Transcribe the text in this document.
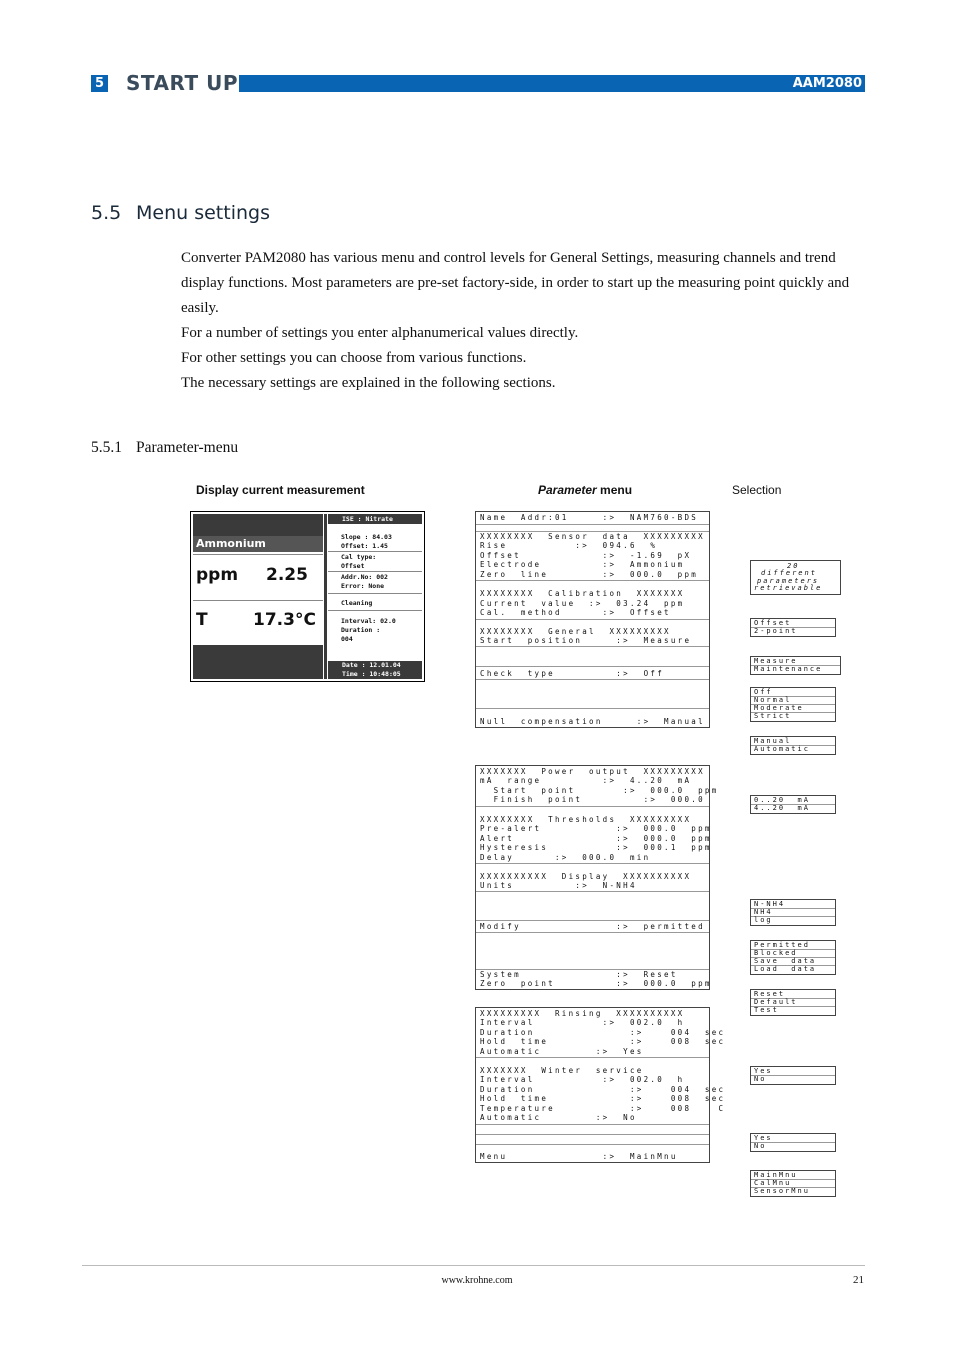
5 START UP	AAM2080
5.5 Menu settings
Converter PAM2080 has various menu and control levels for General Settings, measuring channels and trend display functions. Most parameters are pre-set factory-side, in order to start up the measuring point quickly and easily.
For a number of settings you enter alphanumerical values directly.
For other settings you can choose from various functions.
The necessary settings are explained in the following sections.
5.5.1 Parameter-menu
Display current measurement	Parameter menu	Selection
Ammonium
ppm 2.25
T	17.3°C
ISE : Nitrate
Slope : 84.03
Offset: 1.45
Cal type:
Offset
Addr.No: 002
Error: None
Cleaning
Interval: 02.0
Duration :
004
Date : 12.01.04
Time : 10:48:05
Name  Addr:01     :>  NAM760-BDS
XXXXXXXX  Sensor  data  XXXXXXXXX
Rise          :>  094.6  %
Offset            :>  -1.69  pX
Electrode         :>  Ammonium
Zero  line        :>  000.0  ppm
XXXXXXXX  Calibration  XXXXXXX
Current  value  :>  03.24  ppm
Cal.  method      :>  Offset
XXXXXXXX  General  XXXXXXXXX
Start  position     :>  Measure
Check  type         :>  Off
Null  compensation     :>  Manual
XXXXXXX  Power  output  XXXXXXXXX
mA  range         :>  4..20  mA
Start  point       :>  000.0  ppm
Finish  point         :>  000.0
XXXXXXXX  Thresholds  XXXXXXXXX
Pre-alert           :>  000.0  ppm
Alert               :>  000.0  ppm
Hysteresis          :>  000.1  ppm
Delay      :>  000.0  min
XXXXXXXXXX  Display  XXXXXXXXXX
Units         :>  N-NH4
Modify              :>  permitted
System              :>  Reset
Zero  point         :>  000.0  ppm
XXXXXXXXX  Rinsing  XXXXXXXXXX
Interval          :>  002.0  h
Duration              :>    004  sec
Hold  time            :>    008  sec
Automatic        :>  Yes
XXXXXXX  Winter  service
Interval          :>  002.0  h
Duration              :>    004  sec
Hold  time            :>    008  sec
Temperature           :>    008    C
Automatic        :>  No
Menu              :>  MainMnu
20
different
parameters
retrievable
Offset
2-point
Measure
Maintenance
Off
Normal
Moderate
Strict
Manual
Automatic
0..20  mA
4..20  mA
N-NH4
NH4
log
Permitted
Blocked
Save  data
Load  data
Reset
Default
Test
Yes
No
Yes
No
MainMnu
CalMnu
SensorMnu
www.krohne.com	21
